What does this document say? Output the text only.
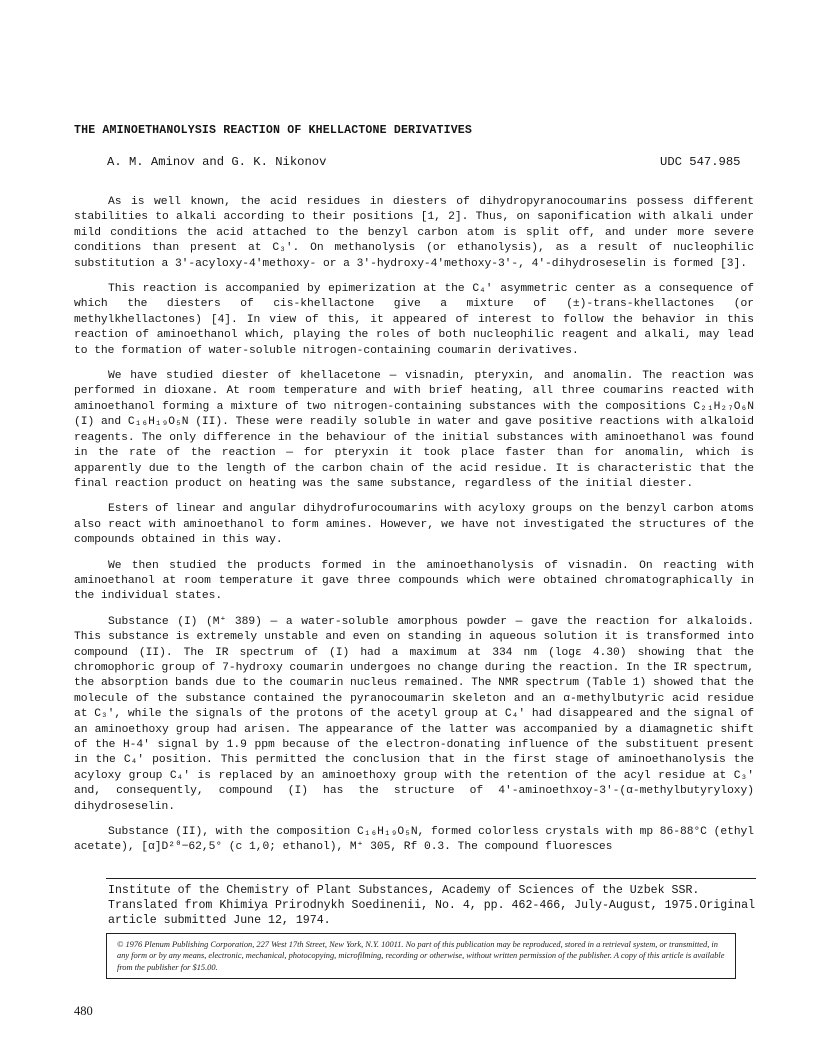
THE AMINOETHANOLYSIS REACTION OF KHELLACTONE DERIVATIVES
A. M. Aminov and G. K. Nikonov	UDC 547.985

As is well known, the acid residues in diesters of dihydropyranocoumarins possess different stabilities to alkali according to their positions [1, 2]. Thus, on saponification with alkali under mild conditions the acid attached to the benzyl carbon atom is split off, and under more severe conditions than present at C₃'. On methanolysis (or ethanolysis), as a result of nucleophilic substitution a 3'-acyloxy-4'methoxy- or a 3'-hydroxy-4'methoxy-3'-, 4'-dihydroseselin is formed [3].

This reaction is accompanied by epimerization at the C₄' asymmetric center as a consequence of which the diesters of cis-khellactone give a mixture of (±)-trans-khellactones (or methylkhellactones) [4]. In view of this, it appeared of interest to follow the behavior in this reaction of aminoethanol which, playing the roles of both nucleophilic reagent and alkali, may lead to the formation of water-soluble nitrogen-containing coumarin derivatives.

We have studied diester of khellacetone — visnadin, pteryxin, and anomalin. The reaction was performed in dioxane. At room temperature and with brief heating, all three coumarins reacted with aminoethanol forming a mixture of two nitrogen-containing substances with the compositions C₂₁H₂₇O₆N (I) and C₁₆H₁₉O₅N (II). These were readily soluble in water and gave positive reactions with alkaloid reagents. The only difference in the behaviour of the initial substances with aminoethanol was found in the rate of the reaction — for pteryxin it took place faster than for anomalin, which is apparently due to the length of the carbon chain of the acid residue. It is characteristic that the final reaction product on heating was the same substance, regardless of the initial diester.

Esters of linear and angular dihydrofurocoumarins with acyloxy groups on the benzyl carbon atoms also react with aminoethanol to form amines. However, we have not investigated the structures of the compounds obtained in this way.

We then studied the products formed in the aminoethanolysis of visnadin. On reacting with aminoethanol at room temperature it gave three compounds which were obtained chromatographically in the individual states.

Substance (I) (M⁺ 389) — a water-soluble amorphous powder — gave the reaction for alkaloids. This substance is extremely unstable and even on standing in aqueous solution it is transformed into compound (II). The IR spectrum of (I) had a maximum at 334 nm (logε 4.30) showing that the chromophoric group of 7-hydroxy coumarin undergoes no change during the reaction. In the IR spectrum, the absorption bands due to the coumarin nucleus remained. The NMR spectrum (Table 1) showed that the molecule of the substance contained the pyranocoumarin skeleton and an α-methylbutyric acid residue at C₃', while the signals of the protons of the acetyl group at C₄' had disappeared and the signal of an aminoethoxy group had arisen. The appearance of the latter was accompanied by a diamagnetic shift of the H-4' signal by 1.9 ppm because of the electron-donating influence of the substituent present in the C₄' position. This permitted the conclusion that in the first stage of aminoethanolysis the acyloxy group C₄' is replaced by an aminoethoxy group with the retention of the acyl residue at C₃' and, consequently, compound (I) has the structure of 4'-aminoethxoy-3'-(α-methylbutyryloxy) dihydroseselin.

Substance (II), with the composition C₁₆H₁₉O₅N, formed colorless crystals with mp 86-88°C (ethyl acetate), [α]D²⁰−62,5° (c 1,0; ethanol), M⁺ 305, Rf 0.3. The compound fluoresces

Institute of the Chemistry of Plant Substances, Academy of Sciences of the Uzbek SSR. Translated from Khimiya Prirodnykh Soedinenii, No. 4, pp. 462-466, July-August, 1975.Original article submitted June 12, 1974.
© 1976 Plenum Publishing Corporation, 227 West 17th Street, New York, N.Y. 10011. No part of this publication may be reproduced, stored in a retrieval system, or transmitted, in any form or by any means, electronic, mechanical, photocopying, microfilming, recording or otherwise, without written permission of the publisher. A copy of this article is available from the publisher for $15.00.
480
